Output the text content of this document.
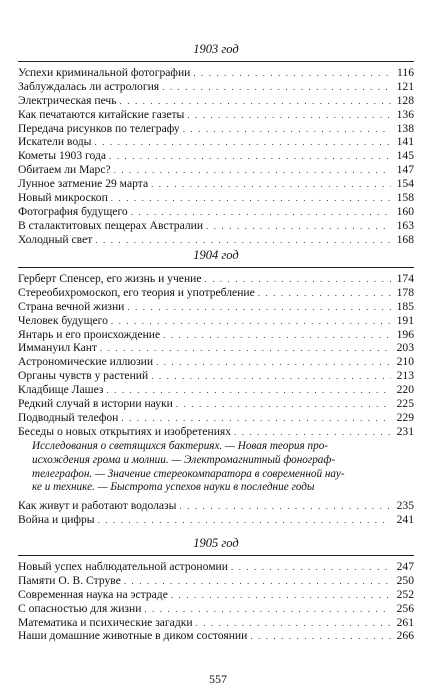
1903 год
Успехи криминальной фотографии . . .	116
Заблуждалась ли астрология . . .	121
Электрическая печь . . .	128
Как печатаются китайские газеты . . .	136
Передача рисунков по телеграфу . . .	138
Искатели воды . . .	141
Кометы 1903 года . . .	145
Обитаем ли Марс? . . .	147
Лунное затмение 29 марта . . .	154
Новый микроскоп . . .	158
Фотография будущего . . .	160
В сталактитовых пещерах Австралии . . .	163
Холодный свет . . .	168
1904 год
Герберт Спенсер, его жизнь и учение . . .	174
Стереобихромоскоп, его теория и употребление . . .	178
Страна вечной жизни . . .	185
Человек будущего . . .	191
Янтарь и его происхождение . . .	196
Иммануил Кант . . .	203
Астрономические иллюзии . . .	210
Органы чувств у растений . . .	213
Кладбище Лашез . . .	220
Редкий случай в истории науки . . .	225
Подводный телефон . . .	229
Беседы о новых открытиях и изобретениях . . .	231
Исследования о светящихся бактериях. — Новая теория про-
исхождения грома и молнии. — Электромагнитный фонограф-
телеграфон. — Значение стереокомпаратора в современной нау-
ке и технике. — Быстрота успехов науки в последние годы
Как живут и работают водолазы . . .	235
Война и цифры . . .	241
1905 год
Новый успех наблюдательной астрономии . . .	247
Памяти О. В. Струве . . .	250
Современная наука на эстраде . . .	252
С опасностью для жизни . . .	256
Математика и психические загадки . . .	261
Наши домашние животные в диком состоянии . . .	266
557
